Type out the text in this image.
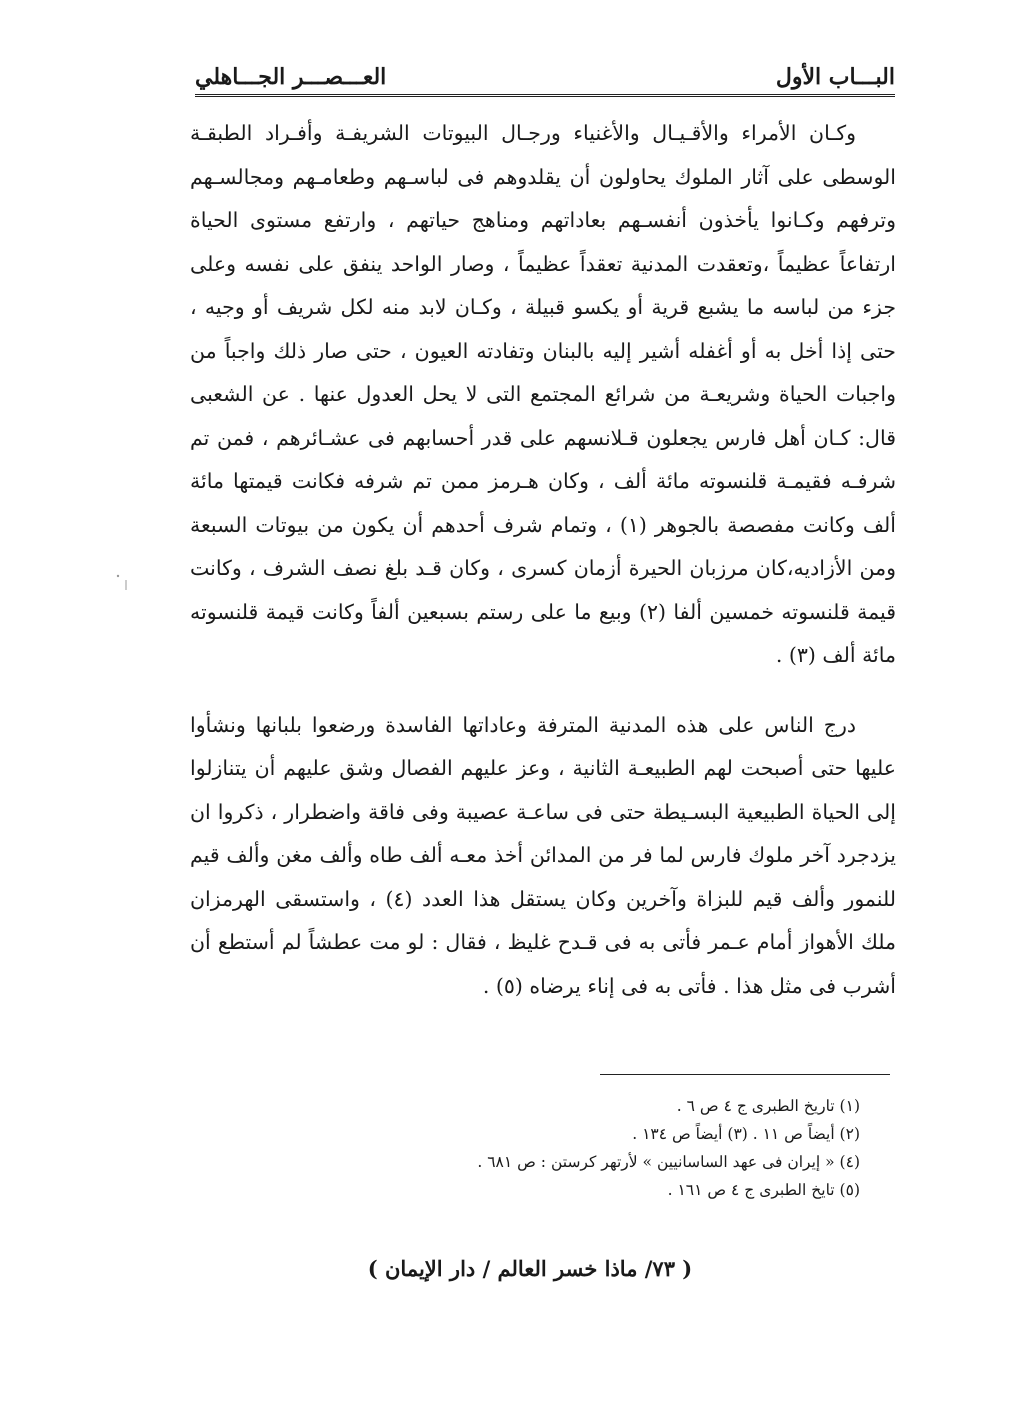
البـــاب الأول
العـــصـــر الجـــاهلي

وكـان الأمراء والأقـيـال والأغنياء ورجـال البيوتات الشريفـة وأفـراد الطبقـة الوسطى على آثار الملوك يحاولون أن يقلدوهم فى لباسـهم وطعامـهم ومجالسـهم وترفهم وكـانوا يأخذون أنفسـهم بعاداتهم ومناهج حياتهم ، وارتفع مستوى الحياة ارتفاعاً عظيماً ،وتعقدت المدنية تعقداً عظيماً ، وصار الواحد ينفق على نفسه وعلى جزء من لباسه ما يشبع قرية أو يكسو قبيلة ، وكـان لابد منه لكل شريف أو وجيه ، حتى إذا أخل به أو أغفله أشير إليه بالبنان وتفادته العيون ، حتى صار ذلك واجباً من واجبات الحياة وشريعـة من شرائع المجتمع التى لا يحل العدول عنها . عن الشعبى قال: كـان أهل فارس يجعلون قـلانسهم على قدر أحسابهم فى عشـائرهم ، فمن تم شرفـه فقيمـة قلنسوته مائة ألف ، وكان هـرمز ممن تم شرفه فكانت قيمتها مائة ألف وكانت مفصصة بالجوهر (١) ، وتمام شرف أحدهم أن يكون من بيوتات السبعة ومن الأزاديه،كان مرزبان الحيرة أزمان كسرى ، وكان قـد بلغ نصف الشرف ، وكانت قيمة قلنسوته خمسين ألفا (٢) وبيع ما على رستم بسبعين ألفاً وكانت قيمة قلنسوته مائة ألف (٣) .

درج الناس على هذه المدنية المترفة وعاداتها الفاسدة ورضعوا بلبانها ونشأوا عليها حتى أصبحت لهم الطبيعـة الثانية ، وعز عليهم الفصال وشق عليهم أن يتنازلوا إلى الحياة الطبيعية البسـيطة حتى فى ساعـة عصيبة وفى فاقة واضطرار ، ذكروا ان يزدجرد آخر ملوك فارس لما فر من المدائن أخذ معـه ألف طاه وألف مغن وألف قيم للنمور وألف قيم للبزاة وآخرين وكان يستقل هذا العدد (٤) ، واستسقى الهرمزان ملك الأهواز أمام عـمر فأتى به فى قـدح غليظ ، فقال : لو مت عطشاً لم أستطع أن أشرب فى مثل هذا . فأتى به فى إناء يرضاه (٥) .

(١) تاريخ الطبرى ج ٤ ص ٦ .
(٢) أيضاً ص ١١ . (٣) أيضاً ص ١٣٤ .
(٤) « إيران فى عهد الساسانيين » لأرتهر كرستن : ص ٦٨١ .
(٥) تايخ الطبرى ج ٤ ص ١٦١ .
( ٧٣/ ماذا خسر العالم / دار الإيمان )
